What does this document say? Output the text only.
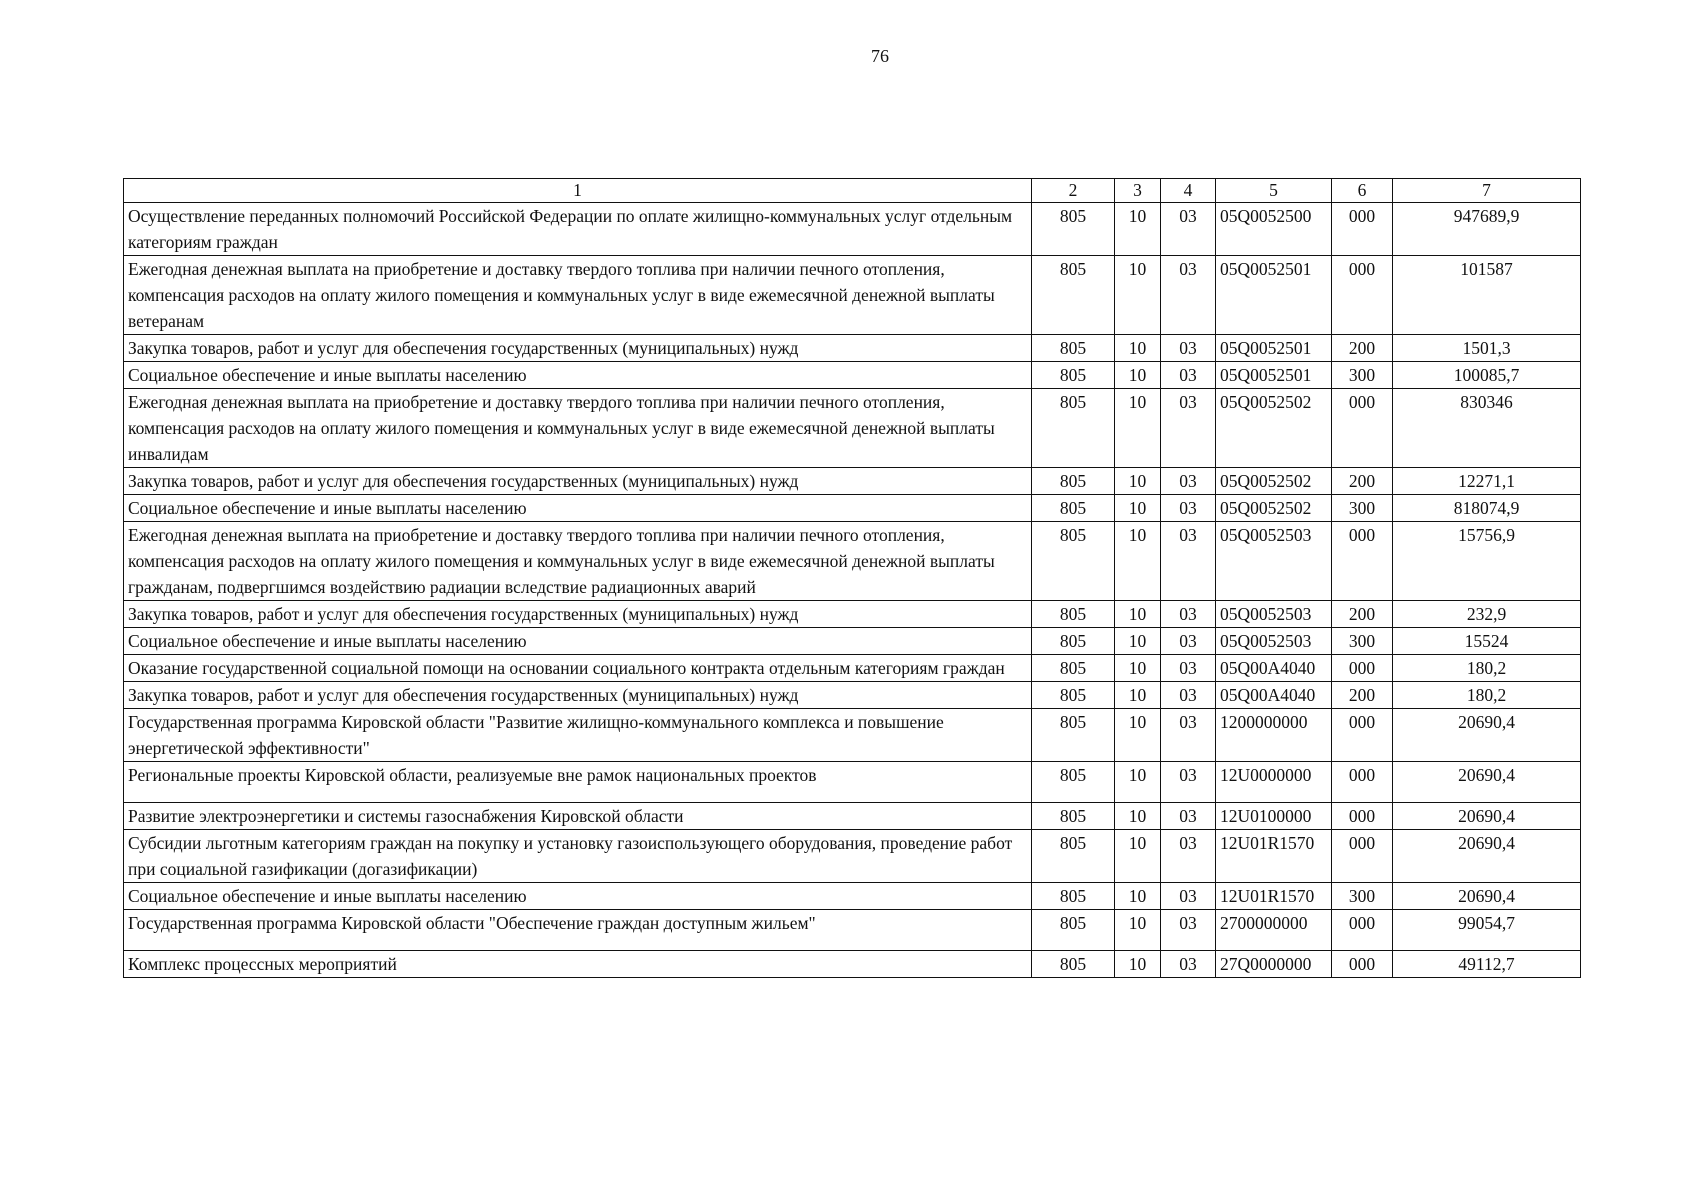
76
1	2	3	4	5	6	7
Осуществление переданных полномочий Российской Федерации по оплате жилищно-коммунальных услуг отдельным категориям граждан	805	10	03	05Q0052500	000	947689,9
Ежегодная денежная выплата на приобретение и доставку твердого топлива при наличии печного отопления, компенсация расходов на оплату жилого помещения и коммунальных услуг в виде ежемесячной денежной выплаты ветеранам	805	10	03	05Q0052501	000	101587
Закупка товаров, работ и услуг для обеспечения государственных (муниципальных) нужд	805	10	03	05Q0052501	200	1501,3
Социальное обеспечение и иные выплаты населению	805	10	03	05Q0052501	300	100085,7
Ежегодная денежная выплата на приобретение и доставку твердого топлива при наличии печного отопления, компенсация расходов на оплату жилого помещения и коммунальных услуг в виде ежемесячной денежной выплаты инвалидам	805	10	03	05Q0052502	000	830346
Закупка товаров, работ и услуг для обеспечения государственных (муниципальных) нужд	805	10	03	05Q0052502	200	12271,1
Социальное обеспечение и иные выплаты населению	805	10	03	05Q0052502	300	818074,9
Ежегодная денежная выплата на приобретение и доставку твердого топлива при наличии печного отопления, компенсация расходов на оплату жилого помещения и коммунальных услуг в виде ежемесячной денежной выплаты гражданам, подвергшимся воздействию радиации вследствие радиационных аварий	805	10	03	05Q0052503	000	15756,9
Закупка товаров, работ и услуг для обеспечения государственных (муниципальных) нужд	805	10	03	05Q0052503	200	232,9
Социальное обеспечение и иные выплаты населению	805	10	03	05Q0052503	300	15524
Оказание государственной социальной помощи на основании социального контракта отдельным категориям граждан	805	10	03	05Q00A4040	000	180,2
Закупка товаров, работ и услуг для обеспечения государственных (муниципальных) нужд	805	10	03	05Q00A4040	200	180,2
Государственная программа Кировской области "Развитие жилищно-коммунального комплекса и повышение энергетической эффективности"	805	10	03	1200000000	000	20690,4
Региональные проекты Кировской области, реализуемые вне рамок национальных проектов	805	10	03	12U0000000	000	20690,4
Развитие электроэнергетики и системы газоснабжения Кировской области	805	10	03	12U0100000	000	20690,4
Субсидии льготным категориям граждан на покупку и установку газоиспользующего оборудования, проведение работ при социальной газификации (догазификации)	805	10	03	12U01R1570	000	20690,4
Социальное обеспечение и иные выплаты населению	805	10	03	12U01R1570	300	20690,4
Государственная программа Кировской области "Обеспечение граждан доступным жильем"	805	10	03	2700000000	000	99054,7
Комплекс процессных мероприятий	805	10	03	27Q0000000	000	49112,7
